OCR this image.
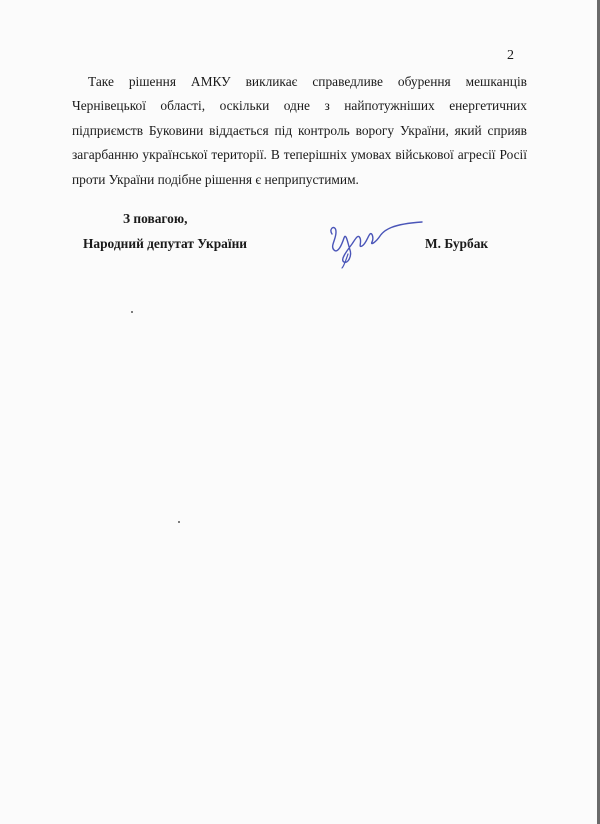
2

Таке рішення АМКУ викликає справедливе обурення мешканців Чернівецької області, оскільки одне з найпотужніших енергетичних підприємств Буковини віддається під контроль ворогу України, який сприяв загарбанню української території. В теперішніх умовах військової агресії Росії проти України подібне рішення є неприпустимим.

З повагою,
Народний депутат України	М. Бурбак
